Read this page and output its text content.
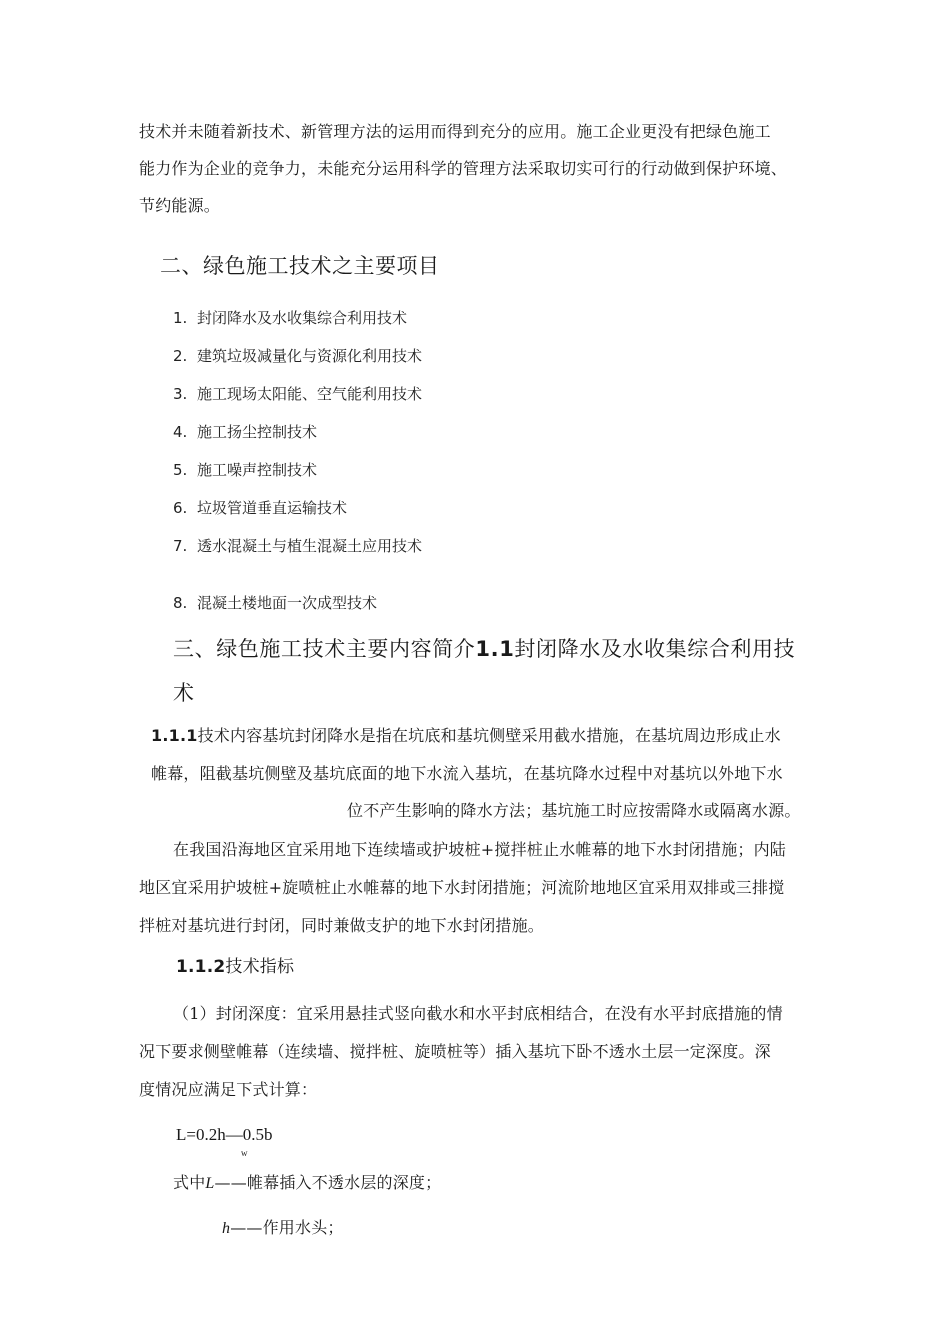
技术并未随着新技术、新管理方法的运用而得到充分的应用。施工企业更没有把绿色施工
能力作为企业的竞争力，未能充分运用科学的管理方法采取切实可行的行动做到保护环境、
节约能源。
二、绿色施工技术之主要项目
1. 封闭降水及水收集综合利用技术
2. 建筑垃圾减量化与资源化利用技术
3. 施工现场太阳能、空气能利用技术
4. 施工扬尘控制技术
5. 施工噪声控制技术
6. 垃圾管道垂直运输技术
7. 透水混凝土与植生混凝土应用技术
8. 混凝土楼地面一次成型技术
三、绿色施工技术主要内容简介1.1封闭降水及水收集综合利用技
术
1.1.1技术内容基坑封闭降水是指在坑底和基坑侧壁采用截水措施，在基坑周边形成止水
帷幕，阻截基坑侧壁及基坑底面的地下水流入基坑，在基坑降水过程中对基坑以外地下水
位不产生影响的降水方法；基坑施工时应按需降水或隔离水源。
在我国沿海地区宜采用地下连续墙或护坡桩+搅拌桩止水帷幕的地下水封闭措施；内陆
地区宜采用护坡桩+旋喷桩止水帷幕的地下水封闭措施；河流阶地地区宜采用双排或三排搅
拌桩对基坑进行封闭，同时兼做支护的地下水封闭措施。
1.1.2技术指标
（1）封闭深度：宜采用悬挂式竖向截水和水平封底相结合，在没有水平封底措施的情
况下要求侧壁帷幕（连续墙、搅拌桩、旋喷桩等）插入基坑下卧不透水土层一定深度。深
度情况应满足下式计算：
L=0.2h—0.5b
w
式中L——帷幕插入不透水层的深度；
h——作用水头；
